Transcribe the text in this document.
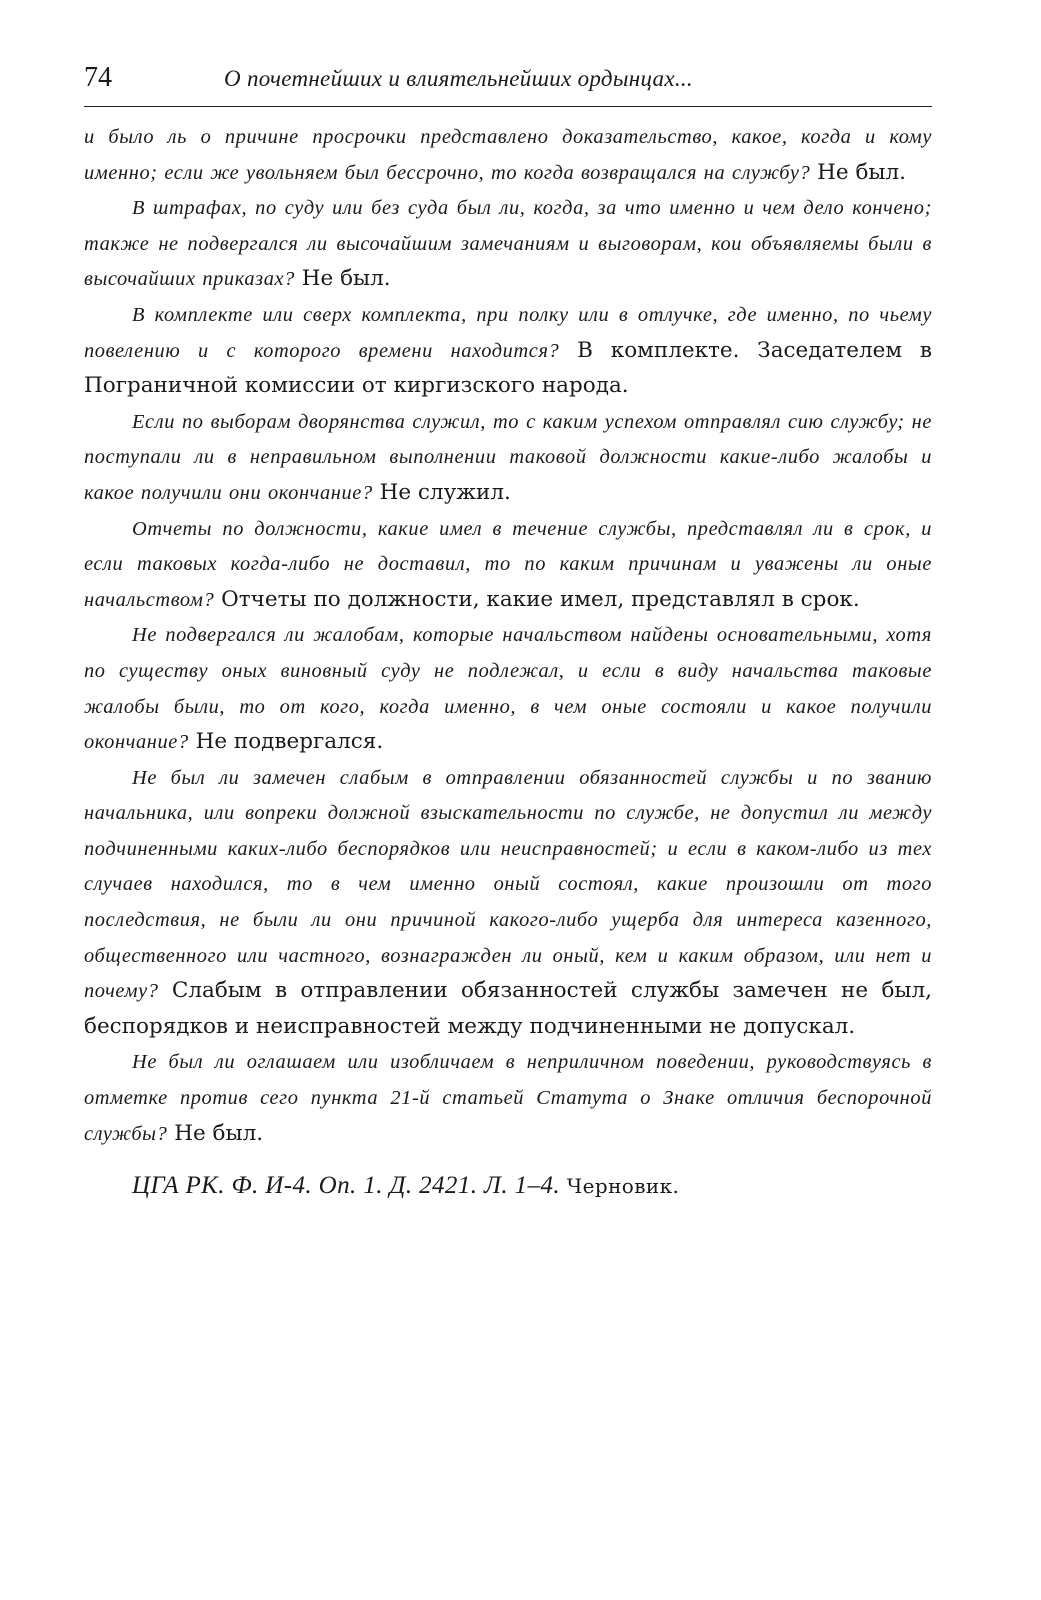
74	О почетнейших и влиятельнейших ордынцах...

и было ль о причине просрочки представлено доказательство, какое, когда и кому именно; если же увольняем был бессрочно, то когда возвращался на службу? Не был.

В штрафах, по суду или без суда был ли, когда, за что именно и чем дело кончено; также не подвергался ли высочайшим замечаниям и выговорам, кои объявляемы были в высочайших приказах? Не был.

В комплекте или сверх комплекта, при полку или в отлучке, где именно, по чьему повелению и с которого времени находится? В комплекте. Заседателем в Пограничной комиссии от киргизского народа.

Если по выборам дворянства служил, то с каким успехом отправлял сию службу; не поступали ли в неправильном выполнении таковой должности какие-либо жалобы и какое получили они окончание? Не служил.

Отчеты по должности, какие имел в течение службы, представлял ли в срок, и если таковых когда-либо не доставил, то по каким причинам и уважены ли оные начальством? Отчеты по должности, какие имел, представлял в срок.

Не подвергался ли жалобам, которые начальством найдены основательными, хотя по существу оных виновный суду не подлежал, и если в виду начальства таковые жалобы были, то от кого, когда именно, в чем оные состояли и какое получили окончание? Не подвергался.

Не был ли замечен слабым в отправлении обязанностей службы и по званию начальника, или вопреки должной взыскательности по службе, не допустил ли между подчиненными каких-либо беспорядков или неисправностей; и если в каком-либо из тех случаев находился, то в чем именно оный состоял, какие произошли от того последствия, не были ли они причиной какого-либо ущерба для интереса казенного, общественного или частного, вознагражден ли оный, кем и каким образом, или нет и почему? Слабым в отправлении обязанностей службы замечен не был, беспорядков и неисправностей между подчиненными не допускал.

Не был ли оглашаем или изобличаем в неприличном поведении, руководствуясь в отметке против сего пункта 21-й статьей Статута о Знаке отличия беспорочной службы? Не был.

ЦГА РК. Ф. И-4. Оп. 1. Д. 2421. Л. 1–4. Черновик.
